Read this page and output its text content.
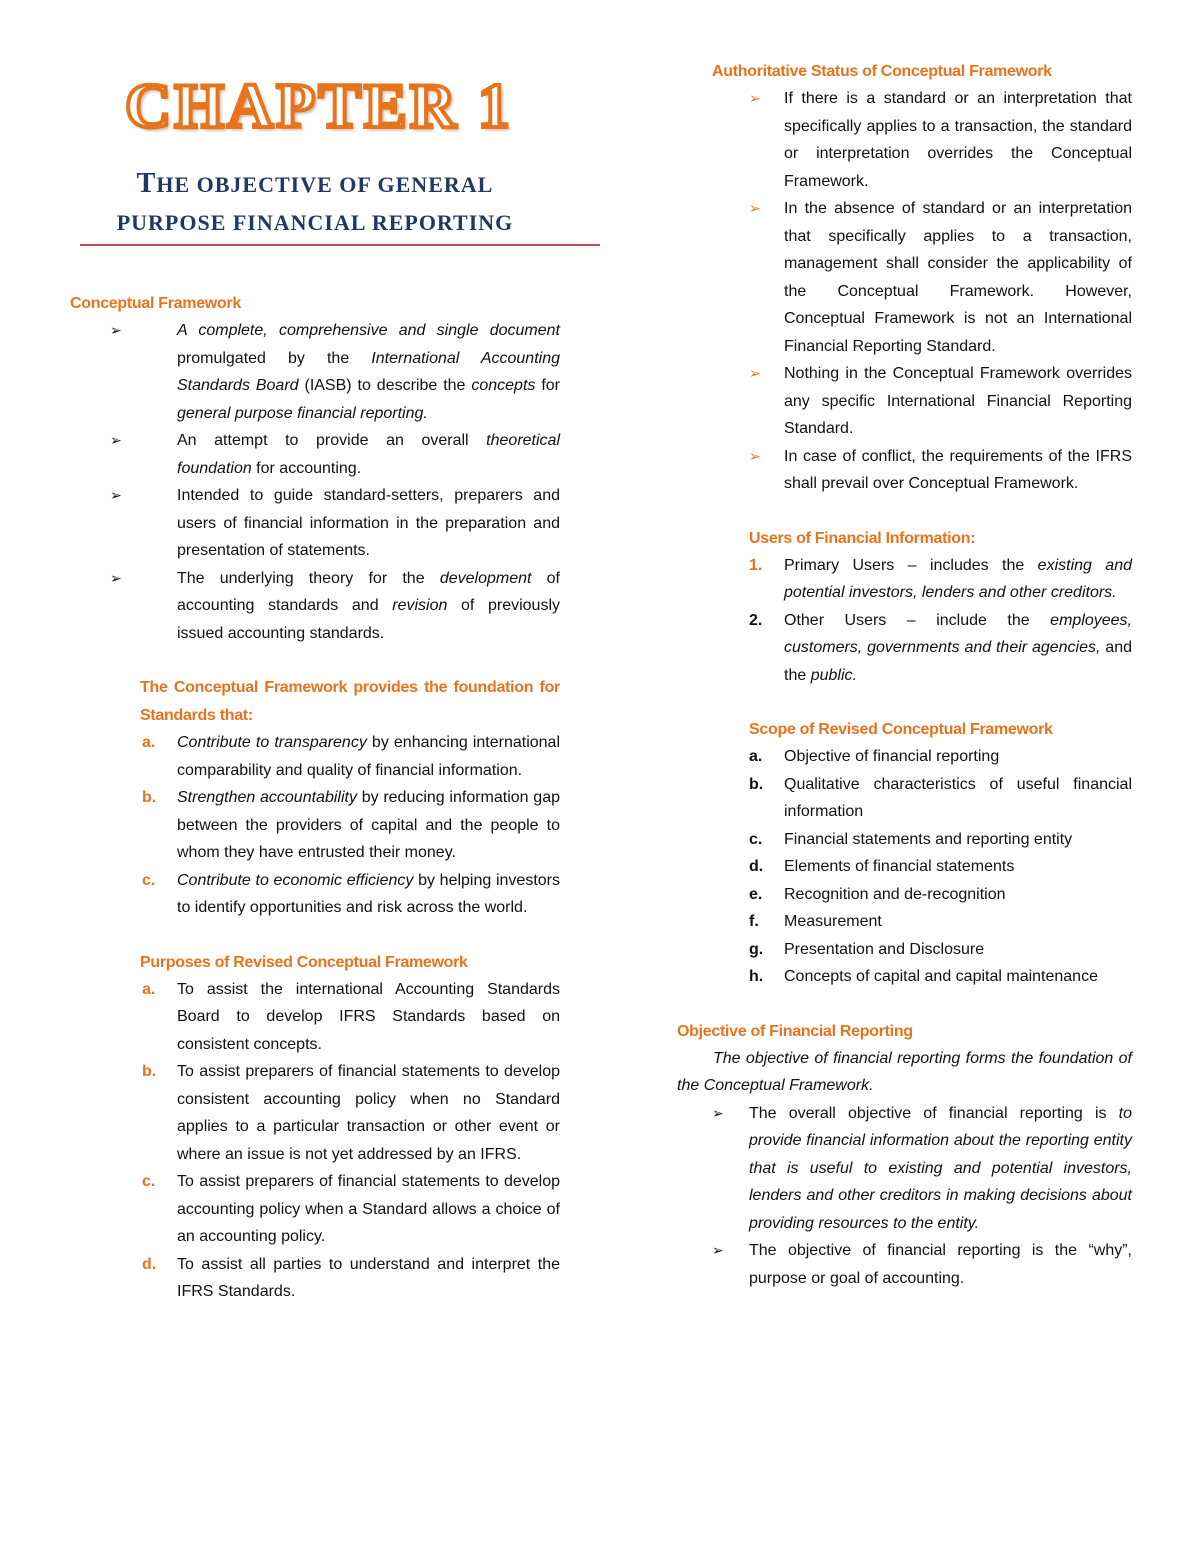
CHAPTER 1
THE OBJECTIVE OF GENERAL
PURPOSE FINANCIAL REPORTING
Conceptual Framework
➢	A complete, comprehensive and single document promulgated by the International Accounting Standards Board (IASB) to describe the concepts for general purpose financial reporting.
➢	An attempt to provide an overall theoretical foundation for accounting.
➢	Intended to guide standard-setters, preparers and users of financial information in the preparation and presentation of statements.
➢	The underlying theory for the development of accounting standards and revision of previously issued accounting standards.
The Conceptual Framework provides the foundation for Standards that:
a. Contribute to transparency by enhancing international comparability and quality of financial information.
b. Strengthen accountability by reducing information gap between the providers of capital and the people to whom they have entrusted their money.
c. Contribute to economic efficiency by helping investors to identify opportunities and risk across the world.
Purposes of Revised Conceptual Framework
a. To assist the international Accounting Standards Board to develop IFRS Standards based on consistent concepts.
b. To assist preparers of financial statements to develop consistent accounting policy when no Standard applies to a particular transaction or other event or where an issue is not yet addressed by an IFRS.
c. To assist preparers of financial statements to develop accounting policy when a Standard allows a choice of an accounting policy.
d. To assist all parties to understand and interpret the IFRS Standards.
Authoritative Status of Conceptual Framework
➢ If there is a standard or an interpretation that specifically applies to a transaction, the standard or interpretation overrides the Conceptual Framework.
➢ In the absence of standard or an interpretation that specifically applies to a transaction, management shall consider the applicability of the Conceptual Framework. However, Conceptual Framework is not an International Financial Reporting Standard.
➢ Nothing in the Conceptual Framework overrides any specific International Financial Reporting Standard.
➢ In case of conflict, the requirements of the IFRS shall prevail over Conceptual Framework.
Users of Financial Information:
1. Primary Users – includes the existing and potential investors, lenders and other creditors.
2. Other Users – include the employees, customers, governments and their agencies, and the public.
Scope of Revised Conceptual Framework
a. Objective of financial reporting
b. Qualitative characteristics of useful financial information
c. Financial statements and reporting entity
d. Elements of financial statements
e. Recognition and de-recognition
f. Measurement
g. Presentation and Disclosure
h. Concepts of capital and capital maintenance
Objective of Financial Reporting
The objective of financial reporting forms the foundation of the Conceptual Framework.
➢ The overall objective of financial reporting is to provide financial information about the reporting entity that is useful to existing and potential investors, lenders and other creditors in making decisions about providing resources to the entity.
➢ The objective of financial reporting is the “why”, purpose or goal of accounting.
